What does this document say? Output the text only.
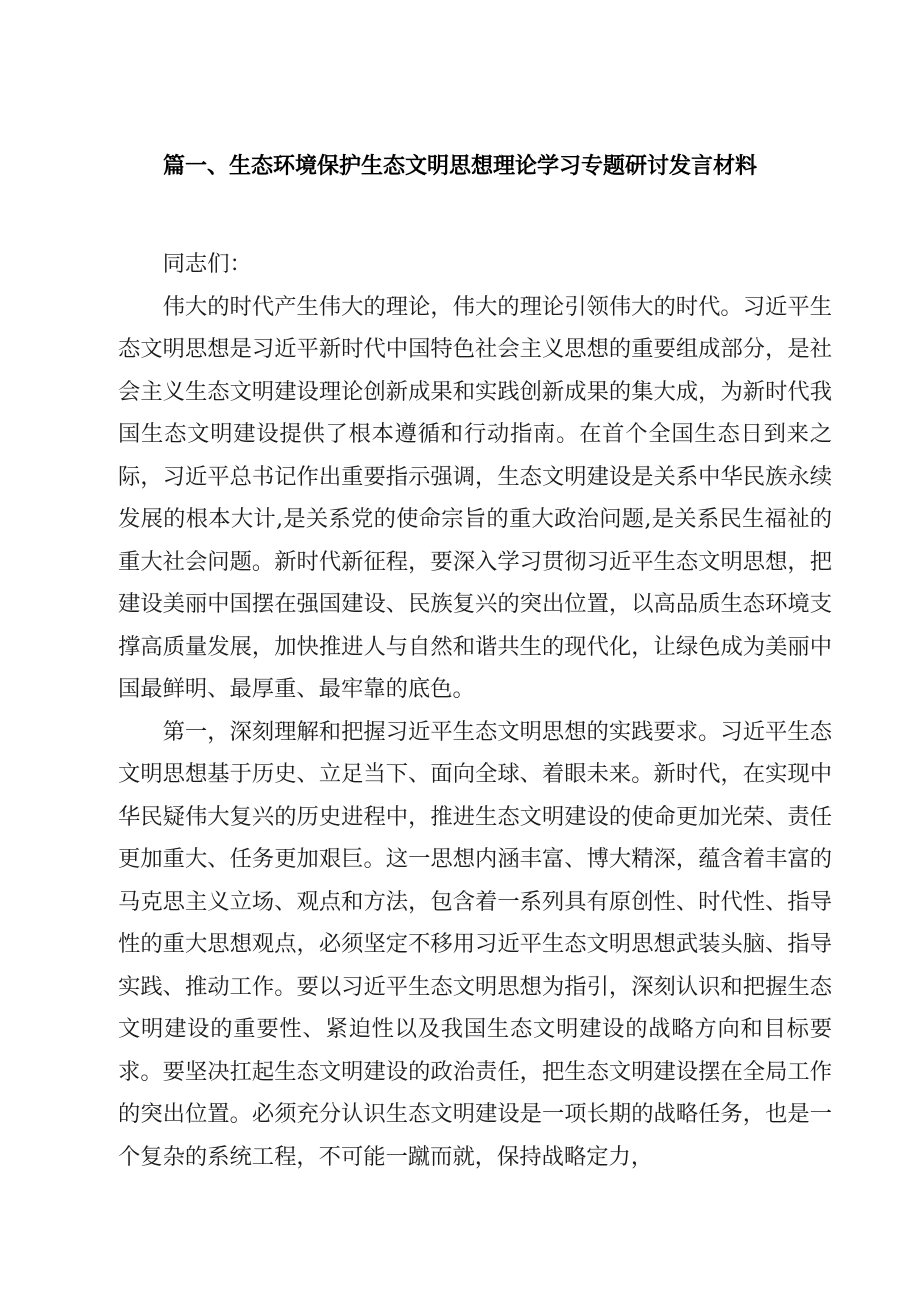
篇一、生态环境保护生态文明思想理论学习专题研讨发言材料

同志们：

伟大的时代产生伟大的理论，伟大的理论引领伟大的时代。习近平生态文明思想是习近平新时代中国特色社会主义思想的重要组成部分，是社会主义生态文明建设理论创新成果和实践创新成果的集大成，为新时代我国生态文明建设提供了根本遵循和行动指南。在首个全国生态日到来之际，习近平总书记作出重要指示强调，生态文明建设是关系中华民族永续发展的根本大计,是关系党的使命宗旨的重大政治问题,是关系民生福祉的重大社会问题。新时代新征程，要深入学习贯彻习近平生态文明思想，把建设美丽中国摆在强国建设、民族复兴的突出位置，以高品质生态环境支撑高质量发展，加快推进人与自然和谐共生的现代化，让绿色成为美丽中国最鲜明、最厚重、最牢靠的底色。

第一，深刻理解和把握习近平生态文明思想的实践要求。习近平生态文明思想基于历史、立足当下、面向全球、着眼未来。新时代，在实现中华民疑伟大复兴的历史进程中，推进生态文明建设的使命更加光荣、责任更加重大、任务更加艰巨。这一思想内涵丰富、博大精深，蕴含着丰富的马克思主义立场、观点和方法，包含着一系列具有原创性、时代性、指导性的重大思想观点，必须坚定不移用习近平生态文明思想武装头脑、指导实践、推动工作。要以习近平生态文明思想为指引，深刻认识和把握生态文明建设的重要性、紧迫性以及我国生态文明建设的战略方向和目标要求。要坚决扛起生态文明建设的政治责任，把生态文明建设摆在全局工作的突出位置。必须充分认识生态文明建设是一项长期的战略任务，也是一个复杂的系统工程，不可能一蹴而就，保持战略定力，
